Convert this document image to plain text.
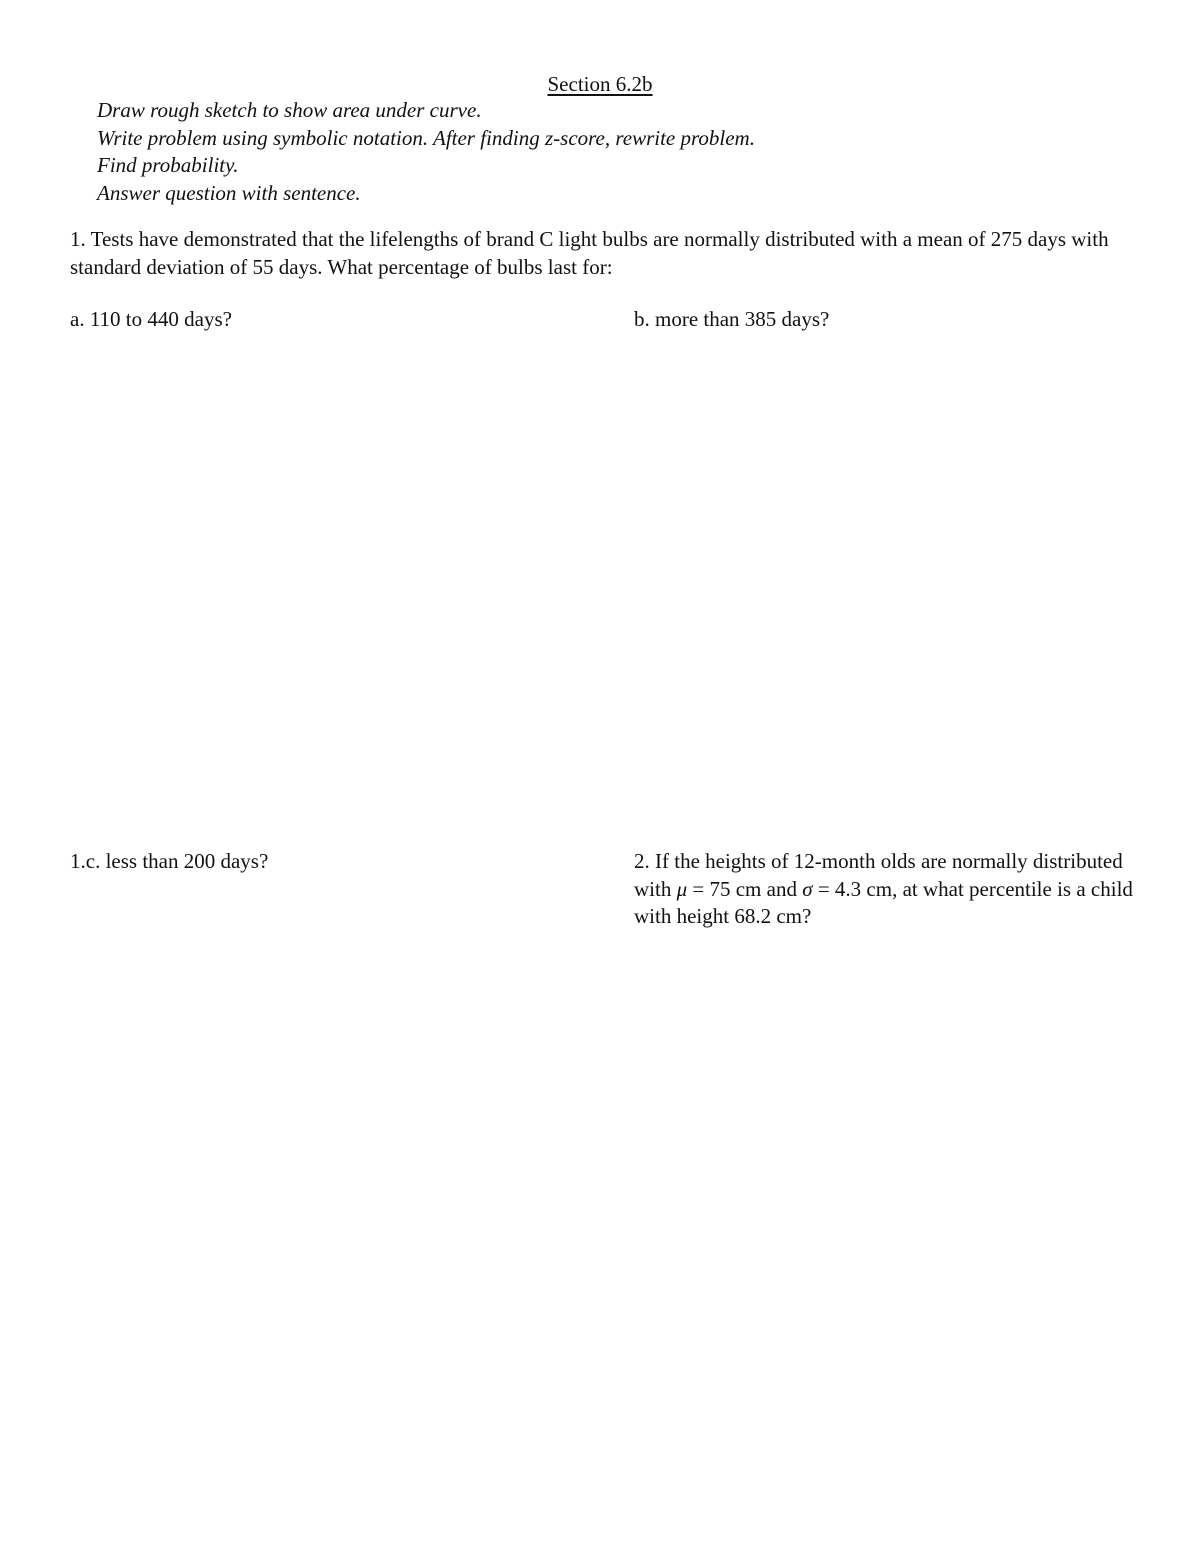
Section 6.2b
Draw rough sketch to show area under curve.
Write problem using symbolic notation. After finding z-score, rewrite problem.
Find probability.
Answer question with sentence.
1. Tests have demonstrated that the lifelengths of brand C light bulbs are normally distributed with a mean of 275 days with standard deviation of 55 days. What percentage of bulbs last for:
a. 110 to 440 days?	b. more than 385 days?
1.c. less than 200 days?	2. If the heights of 12-month olds are normally distributed with μ = 75 cm and σ = 4.3 cm, at what percentile is a child with height 68.2 cm?
